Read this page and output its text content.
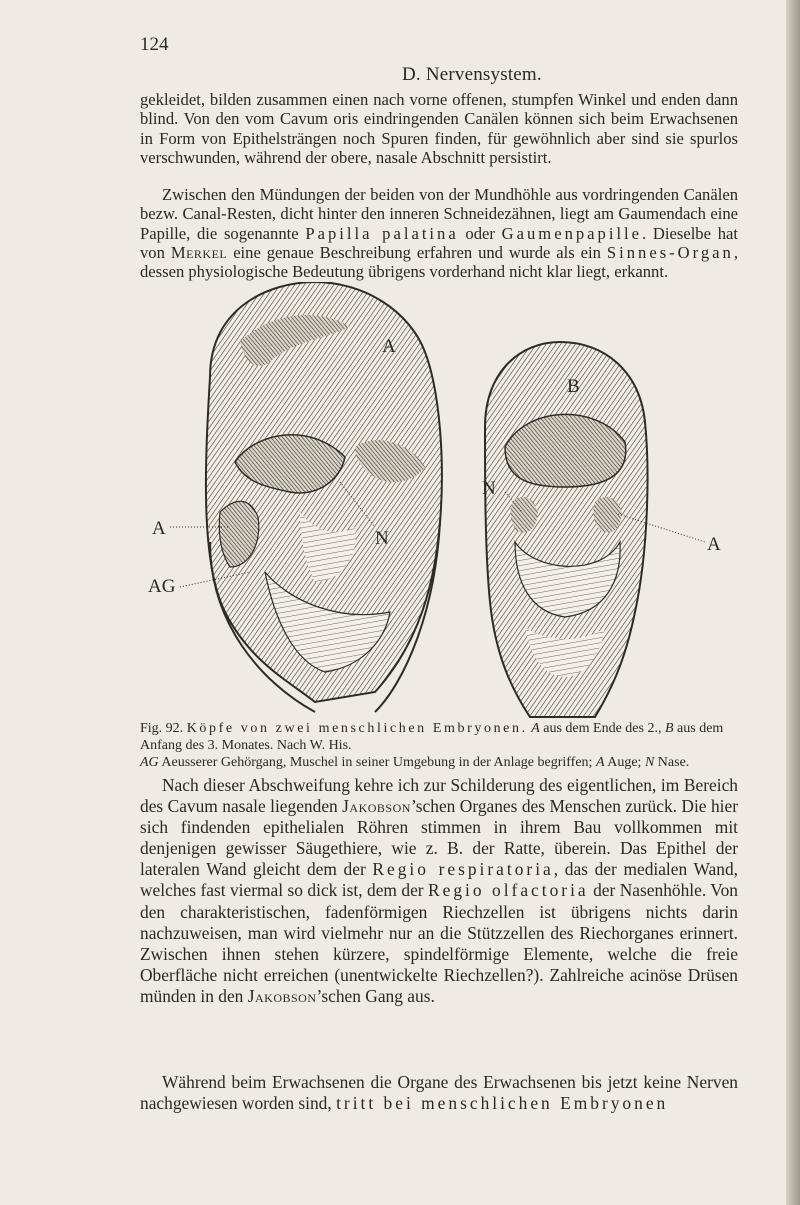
124
D. Nervensystem.

gekleidet, bilden zusammen einen nach vorne offenen, stumpfen Winkel und enden dann blind. Von den vom Cavum oris eindringenden Canälen können sich beim Erwachsenen in Form von Epithelsträngen noch Spuren finden, für gewöhnlich aber sind sie spurlos verschwunden, während der obere, nasale Abschnitt persistirt.

Zwischen den Mündungen der beiden von der Mundhöhle aus vordringenden Canälen bezw. Canal-Resten, dicht hinter den inneren Schneidezähnen, liegt am Gaumendach eine Papille, die sogenannte Papilla palatina oder Gaumenpapille. Dieselbe hat von Merkel eine genaue Beschreibung erfahren und wurde als ein Sinnes-Organ, dessen physiologische Bedeutung übrigens vorderhand nicht klar liegt, erkannt.

A
B
A
AG
N
N
A

Fig. 92. Köpfe von zwei menschlichen Embryonen. A aus dem Ende des 2., B aus dem Anfang des 3. Monates. Nach W. His.
AG Aeusserer Gehörgang, Muschel in seiner Umgebung in der Anlage begriffen; A Auge; N Nase.

Nach dieser Abschweifung kehre ich zur Schilderung des eigentlichen, im Bereich des Cavum nasale liegenden Jakobson’schen Organes des Menschen zurück. Die hier sich findenden epithelialen Röhren stimmen in ihrem Bau vollkommen mit denjenigen gewisser Säugethiere, wie z. B. der Ratte, überein. Das Epithel der lateralen Wand gleicht dem der Regio respiratoria, das der medialen Wand, welches fast viermal so dick ist, dem der Regio olfactoria der Nasenhöhle. Von den charakteristischen, fadenförmigen Riechzellen ist übrigens nichts darin nachzuweisen, man wird vielmehr nur an die Stützzellen des Riechorganes erinnert. Zwischen ihnen stehen kürzere, spindelförmige Elemente, welche die freie Oberfläche nicht erreichen (unentwickelte Riechzellen?). Zahlreiche acinöse Drüsen münden in den Jakobson’schen Gang aus.

Während beim Erwachsenen die Organe des Erwachsenen bis jetzt keine Nerven nachgewiesen worden sind, tritt bei menschlichen Embryonen
